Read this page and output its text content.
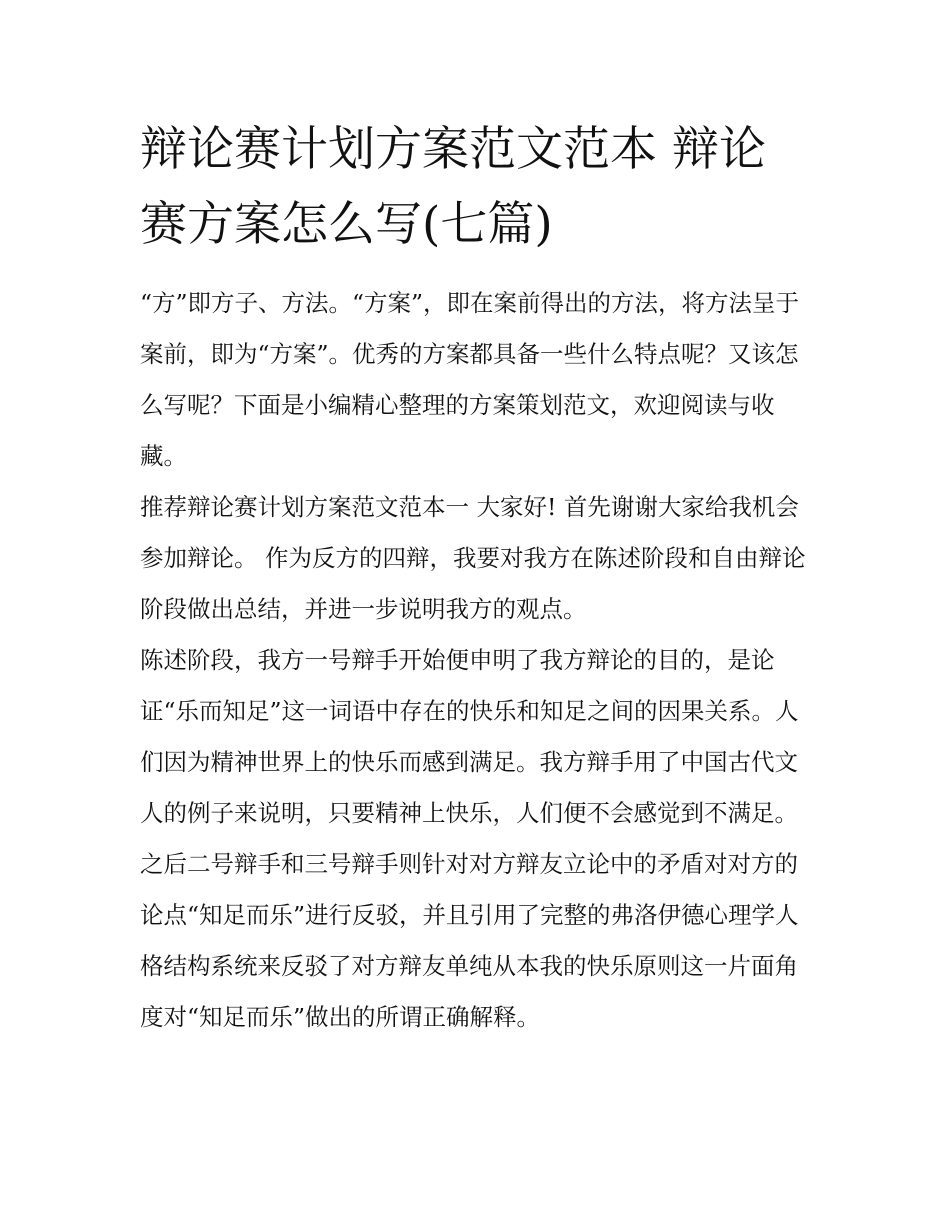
辩论赛计划方案范文范本 辩论赛方案怎么写(七篇)

“方”即方子、方法。“方案”，即在案前得出的方法，将方法呈于案前，即为“方案”。优秀的方案都具备一些什么特点呢？又该怎么写呢？下面是小编精心整理的方案策划范文，欢迎阅读与收藏。

推荐辩论赛计划方案范文范本一 大家好! 首先谢谢大家给我机会参加辩论。 作为反方的四辩，我要对我方在陈述阶段和自由辩论阶段做出总结，并进一步说明我方的观点。

陈述阶段，我方一号辩手开始便申明了我方辩论的目的，是论证“乐而知足”这一词语中存在的快乐和知足之间的因果关系。人们因为精神世界上的快乐而感到满足。我方辩手用了中国古代文人的例子来说明，只要精神上快乐，人们便不会感觉到不满足。

之后二号辩手和三号辩手则针对对方辩友立论中的矛盾对对方的论点“知足而乐”进行反驳，并且引用了完整的弗洛伊德心理学人格结构系统来反驳了对方辩友单纯从本我的快乐原则这一片面角度对“知足而乐”做出的所谓正确解释。
